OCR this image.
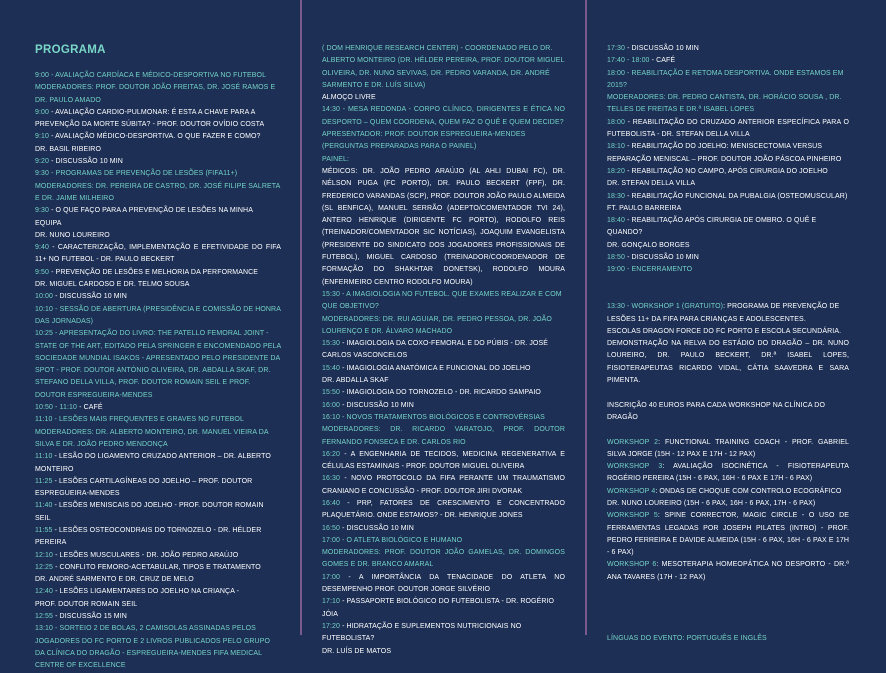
PROGRAMA
9:00 - AVALIAÇÃO CARDÍACA E MÉDICO-DESPORTIVA NO FUTEBOL
MODERADORES: PROF. DOUTOR JOÃO FREITAS, DR. JOSÉ RAMOS E
DR. PAULO AMADO
9:00 - AVALIAÇÃO CARDIO-PULMONAR: É ESTA A CHAVE PARA A PREVENÇÃO DA MORTE SÚBITA? - PROF. DOUTOR OVÍDIO COSTA
9:10 - AVALIAÇÃO MÉDICO-DESPORTIVA. O QUE FAZER E COMO?
DR. BASIL RIBEIRO
9:20 - DISCUSSÃO 10 MIN
9:30 - PROGRAMAS DE PREVENÇÃO DE LESÕES (FIFA11+)
MODERADORES: DR. PEREIRA DE CASTRO, DR. JOSÉ FILIPE SALRETA E DR. JAIME MILHEIRO
9:30 - O QUE FAÇO PARA A PREVENÇÃO DE LESÕES NA MINHA EQUIPA
DR. NUNO LOUREIRO
9:40 - CARACTERIZAÇÃO, IMPLEMENTAÇÃO E EFETIVIDADE DO FIFA 11+ NO FUTEBOL - DR. PAULO BECKERT
9:50 - PREVENÇÃO DE LESÕES E MELHORIA DA PERFORMANCE
DR. MIGUEL CARDOSO E DR. TELMO SOUSA
10:00 - DISCUSSÃO 10 MIN
10:10 - SESSÃO DE ABERTURA (PRESIDÊNCIA E COMISSÃO DE HONRA DAS JORNADAS)
10:25 - APRESENTAÇÃO DO LIVRO: THE PATELLO FEMORAL JOINT - STATE OF THE ART, EDITADO PELA SPRINGER E ENCOMENDADO PELA SOCIEDADE MUNDIAL ISAKOS - APRESENTADO PELO PRESIDENTE DA SPOT - PROF. DOUTOR ANTÓNIO OLIVEIRA, DR. ABDALLA SKAF, DR. STEFANO DELLA VILLA, PROF. DOUTOR ROMAIN SEIL E PROF. DOUTOR ESPREGUEIRA-MENDES
10:50 - 11:10 - CAFÉ
11:10 - LESÕES MAIS FREQUENTES E GRAVES NO FUTEBOL
MODERADORES: DR. ALBERTO MONTEIRO, DR. MANUEL VIEIRA DA SILVA E DR. JOÃO PEDRO MENDONÇA
11:10 - LESÃO DO LIGAMENTO CRUZADO ANTERIOR – DR. ALBERTO MONTEIRO
11:25 - LESÕES CARTILAGÍNEAS DO JOELHO – PROF. DOUTOR ESPREGUEIRA-MENDES
11:40 - LESÕES MENISCAIS DO JOELHO - PROF. DOUTOR ROMAIN SEIL
11:55 - LESÕES OSTEOCONDRAIS DO TORNOZELO - DR. HÉLDER PEREIRA
12:10 - LESÕES MUSCULARES - DR. JOÃO PEDRO ARAÚJO
12:25 - CONFLITO FEMORO-ACETABULAR, TIPOS E TRATAMENTO
DR. ANDRÉ SARMENTO E DR. CRUZ DE MELO
12:40 - LESÕES LIGAMENTARES DO JOELHO NA CRIANÇA -
PROF. DOUTOR ROMAIN SEIL
12:55 - DISCUSSÃO 15 MIN
13:10 - SORTEIO 2 DE BOLAS, 2 CAMISOLAS ASSINADAS PELOS JOGADORES DO FC PORTO E 2 LIVROS PUBLICADOS PELO GRUPO DA CLÍNICA DO DRAGÃO - ESPREGUEIRA-MENDES FIFA MEDICAL CENTRE OF EXCELLENCE
( DOM HENRIQUE RESEARCH CENTER) - COORDENADO PELO DR. ALBERTO MONTEIRO (DR. HÉLDER PEREIRA, PROF. DOUTOR MIGUEL OLIVEIRA, DR. NUNO SEVIVAS, DR. PEDRO VARANDA, DR. ANDRÉ SARMENTO E DR. LUÍS SILVA)
ALMOÇO LIVRE
14:30 - MESA REDONDA - CORPO CLÍNICO, DIRIGENTES E ÉTICA NO DESPORTO – QUEM COORDENA, QUEM FAZ O QUÊ E QUEM DECIDE?
APRESENTADOR: PROF. DOUTOR ESPREGUEIRA-MENDES
(PERGUNTAS PREPARADAS PARA O PAINEL)
PAINEL:
MÉDICOS: DR. JOÃO PEDRO ARAÚJO (AL AHLI DUBAI FC), DR. NÉLSON PUGA (FC PORTO), DR. PAULO BECKERT (FPF), DR. FREDERICO VARANDAS (SCP), PROF. DOUTOR JOÃO PAULO ALMEIDA (SL BENFICA), MANUEL SERRÃO (ADEPTO/COMENTADOR TVI 24), ANTERO HENRIQUE (DIRIGENTE FC PORTO), RODOLFO REIS (TREINADOR/COMENTADOR SIC NOTÍCIAS), JOAQUIM EVANGELISTA (PRESIDENTE DO SINDICATO DOS JOGADORES PROFISSIONAIS DE FUTEBOL), MIGUEL CARDOSO (TREINADOR/COORDENADOR DE FORMAÇÃO DO SHAKHTAR DONETSK), RODOLFO MOURA (ENFERMEIRO CENTRO RODOLFO MOURA)
15:30 - A IMAGIOLOGIA NO FUTEBOL. QUE EXAMES REALIZAR E COM QUE OBJETIVO?
MODERADORES: DR. RUI AGUIAR, DR. PEDRO PESSOA, DR. JOÃO LOURENÇO E DR. ÁLVARO MACHADO
15:30 - IMAGIOLOGIA DA COXO-FEMORAL E DO PÚBIS - DR. JOSÉ CARLOS VASCONCELOS
15:40 - IMAGIOLOGIA ANATÓMICA E FUNCIONAL DO JOELHO
DR. ABDALLA SKAF
15:50 - IMAGIOLOGIA DO TORNOZELO - DR. RICARDO SAMPAIO
16:00 - DISCUSSÃO 10 MIN
16:10 - NOVOS TRATAMENTOS BIOLÓGICOS E CONTROVÉRSIAS
MODERADORES: DR. RICARDO VARATOJO, PROF. DOUTOR FERNANDO FONSECA E DR. CARLOS RIO
16:20 - A ENGENHARIA DE TECIDOS, MEDICINA REGENERATIVA E CÉLULAS ESTAMINAIS - PROF. DOUTOR MIGUEL OLIVEIRA
16:30 - NOVO PROTOCOLO DA FIFA PERANTE UM TRAUMATISMO CRANIANO E CONCUSSÃO - PROF. DOUTOR JIRI DVORAK
16:40 - PRP, FATORES DE CRESCIMENTO E CONCENTRADO PLAQUETÁRIO. ONDE ESTAMOS? - DR. HENRIQUE JONES
16:50 - DISCUSSÃO 10 MIN
17:00 - O ATLETA BIOLÓGICO E HUMANO
MODERADORES: PROF. DOUTOR JOÃO GAMELAS, DR. DOMINGOS GOMES E DR. BRANCO AMARAL
17:00 - A IMPORTÂNCIA DA TENACIDADE DO ATLETA NO DESEMPENHO PROF. DOUTOR JORGE SILVÉRIO
17:10 - PASSAPORTE BIOLÓGICO DO FUTEBOLISTA - DR. ROGÉRIO JÓIA
17:20 - HIDRATAÇÃO E SUPLEMENTOS NUTRICIONAIS NO FUTEBOLISTA?
DR. LUÍS DE MATOS
17:30 - DISCUSSÃO 10 MIN
17:40 - 18:00 - CAFÉ
18:00 - REABILITAÇÃO E RETOMA DESPORTIVA. ONDE ESTAMOS EM 2015?
MODERADORES: DR. PEDRO CANTISTA, DR. HORÁCIO SOUSA , DR. TELLES DE FREITAS E DR.ª ISABEL LOPES
18:00 - REABILITAÇÃO DO CRUZADO ANTERIOR ESPECÍFICA PARA O FUTEBOLISTA - DR. STEFAN DELLA VILLA
18:10 - REABILITAÇÃO DO JOELHO: MENISCECTOMIA VERSUS REPARAÇÃO MENISCAL – PROF. DOUTOR JOÃO PÁSCOA PINHEIRO
18:20 - REABILITAÇÃO NO CAMPO, APÓS CIRURGIA DO JOELHO
DR. STEFAN DELLA VILLA
18:30 - REABILITAÇÃO FUNCIONAL DA PUBALGIA (OSTEOMUSCULAR)
FT. PAULO BARREIRA
18:40 - REABILITAÇÃO APÓS CIRURGIA DE OMBRO. O QUÊ E QUANDO?
DR. GONÇALO BORGES
18:50 - DISCUSSÃO 10 MIN
19:00 - ENCERRAMENTO
13:30 - WORKSHOP 1 (GRATUITO): PROGRAMA DE PREVENÇÃO DE LESÕES 11+ DA FIFA PARA CRIANÇAS E ADOLESCENTES.
ESCOLAS DRAGON FORCE DO FC PORTO E ESCOLA SECUNDÁRIA.
DEMONSTRAÇÃO NA RELVA DO ESTÁDIO DO DRAGÃO – DR. NUNO LOUREIRO, DR. PAULO BECKERT, DR.ª ISABEL LOPES, FISIOTERAPEUTAS RICARDO VIDAL, CÁTIA SAAVEDRA E SARA PIMENTA.
INSCRIÇÃO 40 EUROS PARA CADA WORKSHOP NA CLÍNICA DO DRAGÃO
WORKSHOP 2: FUNCTIONAL TRAINING COACH - PROF. GABRIEL SILVA JORGE (15H - 12 PAX E 17H - 12 PAX)
WORKSHOP 3: AVALIAÇÃO ISOCINÉTICA - FISIOTERAPEUTA ROGÉRIO PEREIRA (15H - 6 PAX, 16H - 6 PAX E 17H - 6 PAX)
WORKSHOP 4: ONDAS DE CHOQUE COM CONTROLO ECOGRÁFICO
DR. NUNO LOUREIRO (15H - 6 PAX, 16H - 6 PAX, 17H - 6 PAX)
WORKSHOP 5: SPINE CORRECTOR, MAGIC CIRCLE - O USO DE FERRAMENTAS LEGADAS POR JOSEPH PILATES (INTRO) - PROF. PEDRO FERREIRA E DAVIDE ALMEIDA (15H - 6 PAX, 16H - 6 PAX E 17H - 6 PAX)
WORKSHOP 6: MESOTERAPIA HOMEOPÁTICA NO DESPORTO - DR.ª ANA TAVARES (17H - 12 PAX)
LÍNGUAS DO EVENTO: PORTUGUÊS E INGLÊS
